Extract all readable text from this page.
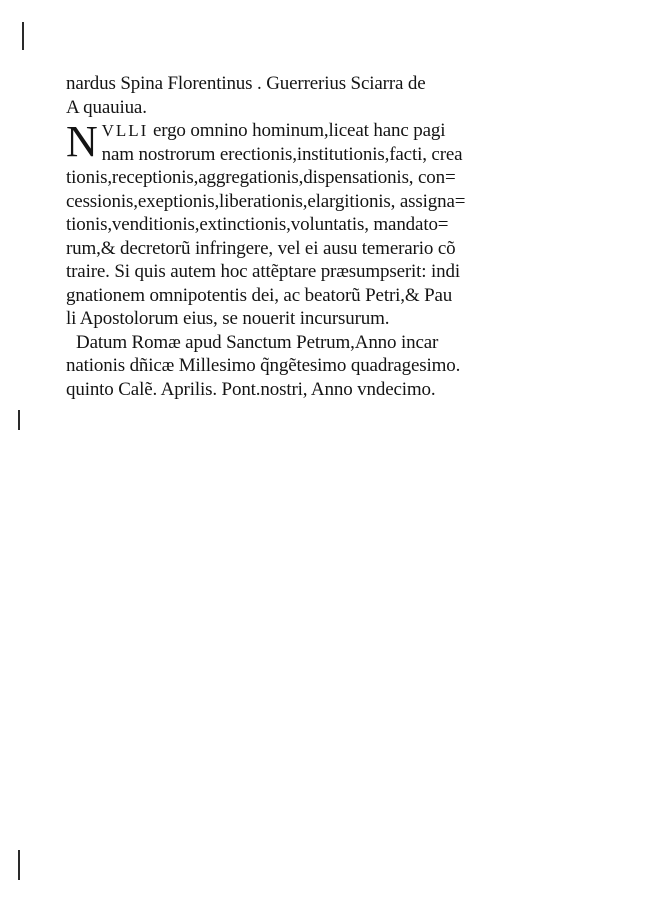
nardus Spina Florentinus . Guerrerius Sciarra de
A quauiua.
N VLLI ergo omnino hominum,liceat hanc pagi
nam nostrorum erectionis,institutionis,facti, crea
tionis,receptionis,aggregationis,dispensationis, con=
cessionis,exeptionis,liberationis,elargitionis, assigna=
tionis,venditionis,extinctionis,voluntatis, mandato=
rum,& decretorũ infringere, vel ei ausu temerario cõ
traire. Si quis autem hoc attẽptare præsumpserit: indi
gnationem omnipotentis dei, ac beatorũ Petri,& Pau
li Apostolorum eius, se nouerit incursurum.
Datum Romæ apud Sanctum Petrum,Anno incar
nationis dñicæ Millesimo q̃ngẽtesimo quadragesimo.
quinto Calẽ. Aprilis. Pont.nostri, Anno vndecimo.
